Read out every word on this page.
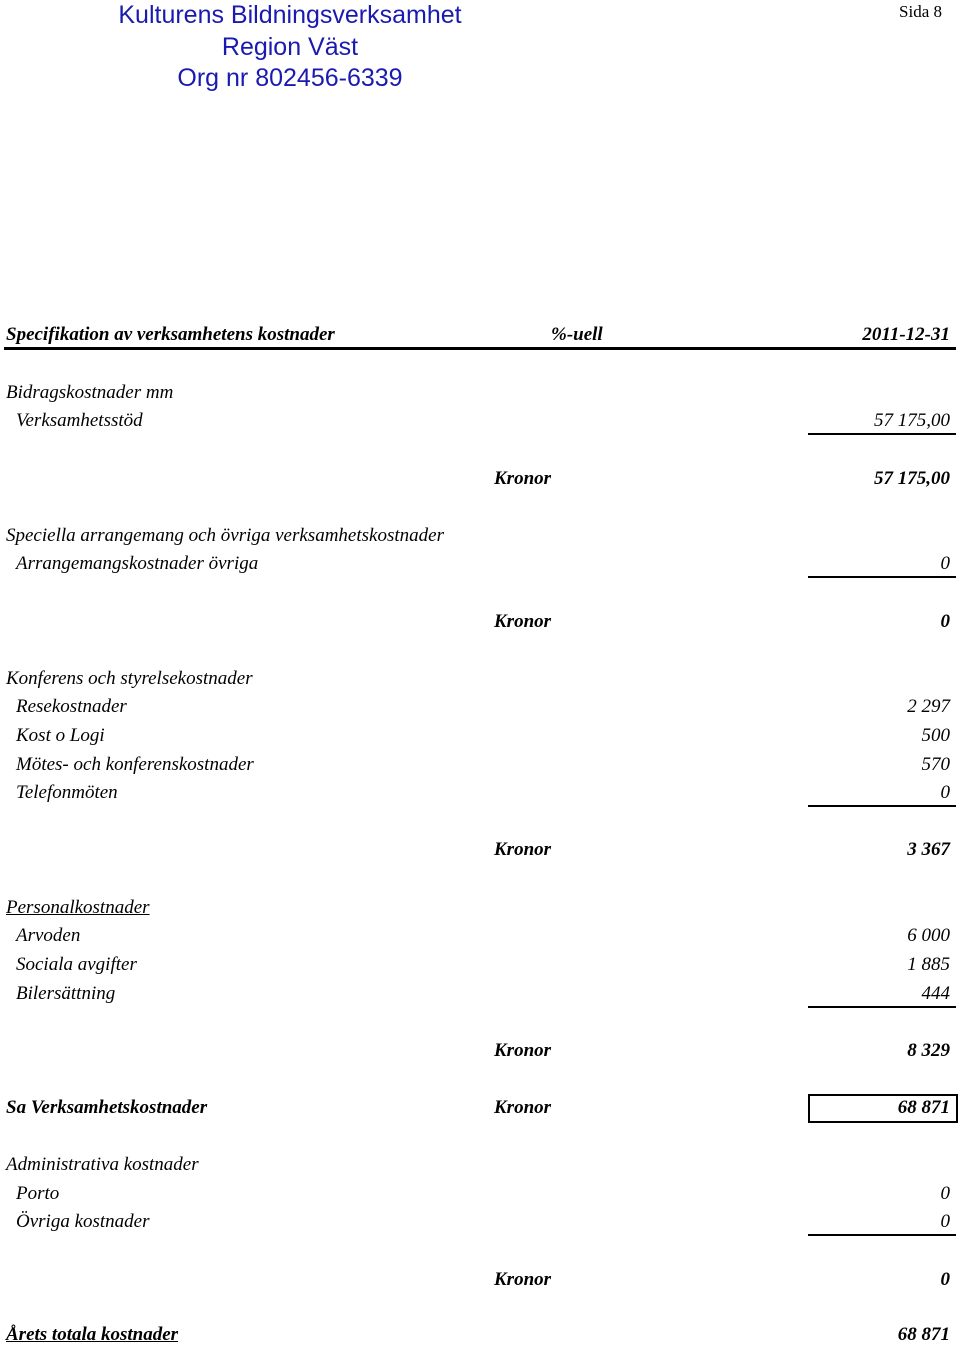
Kulturens Bildningsverksamhet
Region Väst
Org nr 802456-6339
Sida 8
Specifikation av verksamhetens kostnader	%-uell	2011-12-31
Bidragskostnader mm
Verksamhetsstöd	57 175,00
Kronor	57 175,00
Speciella arrangemang och övriga verksamhetskostnader
Arrangemangskostnader övriga	0
Kronor	0
Konferens och styrelsekostnader
Resekostnader	2 297
Kost o Logi	500
Mötes- och konferenskostnader	570
Telefonmöten	0
Kronor	3 367
Personalkostnader
Arvoden	6 000
Sociala avgifter	1 885
Bilersättning	444
Kronor	8 329
Sa Verksamhetskostnader	Kronor	68 871
Administrativa kostnader
Porto	0
Övriga kostnader	0
Kronor	0
Årets totala kostnader	68 871
